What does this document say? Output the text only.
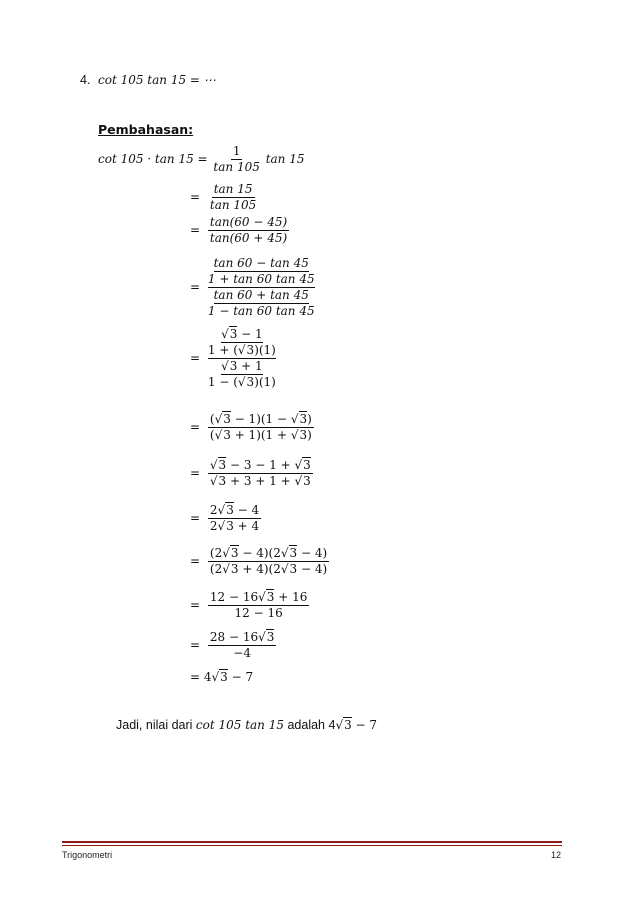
4. cot 105 tan 15 = ⋯
Pembahasan:
$\cot 105 \cdot \tan 15 = \frac{1}{\tan 105}$ tan 15
= $\frac{\tan 15}{\tan 105}$
= $\frac{\tan(60 - 45)}{\tan(60 + 45)}$
= $\frac{\frac{\tan 60 - \tan 45}{1 + \tan 60 \tan 45}}{\frac{\tan 60 + \tan 45}{1 - \tan 60 \tan 45}}$
= $\frac{\frac{√3 - 1}{1 + (√3)(1)}}{\frac{√3 + 1}{1 - (√3)(1)}}$
= $\frac{(√3 - 1)(1 - √3)}{(√3 + 1)(1 + √3)}$
= $\frac{√3 - 3 - 1 + √3}{√3 + 3 + 1 + √3}$
= $\frac{2√3 - 4}{2√3 + 4}$
= $\frac{(2√3 - 4)(2√3 - 4)}{(2√3 + 4)(2√3 - 4)}$
= $\frac{12 - 16√3 + 16}{12 - 16}$
= $\frac{28 - 16√3}{-4}$
= 4√3 − 7
Jadi, nilai dari cot 105 tan 15 adalah 4√3 − 7
Trigonometri	12
